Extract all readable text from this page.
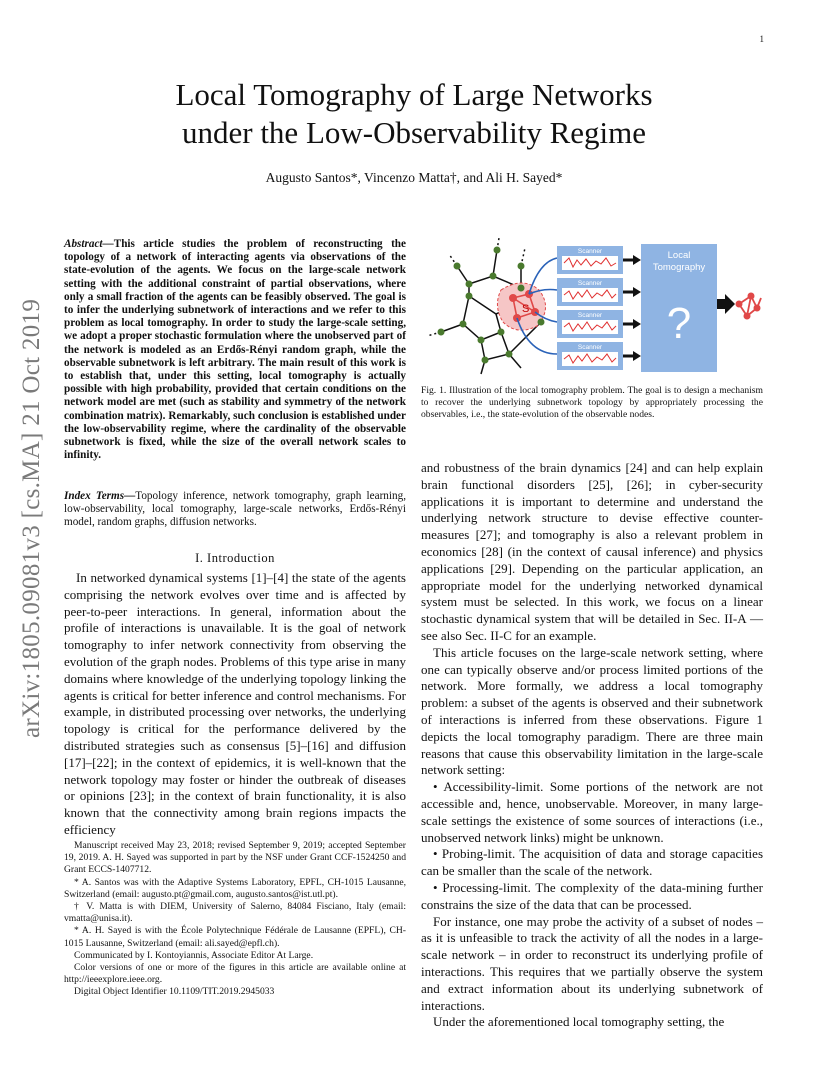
1
arXiv:1805.09081v3 [cs.MA] 21 Oct 2019
Local Tomography of Large Networks
under the Low-Observability Regime
Augusto Santos*, Vincenzo Matta†, and Ali H. Sayed*
Abstract—This article studies the problem of reconstructing the topology of a network of interacting agents via observations of the state-evolution of the agents. We focus on the large-scale network setting with the additional constraint of partial observations, where only a small fraction of the agents can be feasibly observed. The goal is to infer the underlying subnetwork of interactions and we refer to this problem as local tomography. In order to study the large-scale setting, we adopt a proper stochastic formulation where the unobserved part of the network is modeled as an Erdős-Rényi random graph, while the observable subnetwork is left arbitrary. The main result of this work is to establish that, under this setting, local tomography is actually possible with high probability, provided that certain conditions on the network model are met (such as stability and symmetry of the network combination matrix). Remarkably, such conclusion is established under the low-observability regime, where the cardinality of the observable subnetwork is fixed, while the size of the overall network scales to infinity.
Index Terms—Topology inference, network tomography, graph learning, low-observability, local tomography, large-scale networks, Erdős-Rényi model, random graphs, diffusion networks.
I. Introduction
In networked dynamical systems [1]–[4] the state of the agents comprising the network evolves over time and is affected by peer-to-peer interactions. In general, information about the profile of interactions is unavailable. It is the goal of network tomography to infer network connectivity from observing the evolution of the graph nodes. Problems of this type arise in many domains where knowledge of the underlying topology linking the agents is critical for better inference and control mechanisms. For example, in distributed processing over networks, the underlying topology is critical for the performance delivered by the distributed strategies such as consensus [5]–[16] and diffusion [17]–[22]; in the context of epidemics, it is well-known that the network topology may foster or hinder the outbreak of diseases or opinions [23]; in the context of brain functionality, it is also known that the connectivity among brain regions impacts the efficiency

Manuscript received May 23, 2018; revised September 9, 2019; accepted September 19, 2019. A. H. Sayed was supported in part by the NSF under Grant CCF-1524250 and Grant ECCS-1407712.

* A. Santos was with the Adaptive Systems Laboratory, EPFL, CH-1015 Lausanne, Switzerland (email: augusto.pt@gmail.com, augusto.santos@ist.utl.pt).

† V. Matta is with DIEM, University of Salerno, 84084 Fisciano, Italy (email: vmatta@unisa.it).

* A. H. Sayed is with the École Polytechnique Fédérale de Lausanne (EPFL), CH-1015 Lausanne, Switzerland (email: ali.sayed@epfl.ch).

Communicated by I. Kontoyiannis, Associate Editor At Large.

Color versions of one or more of the figures in this article are available online at http://ieeexplore.ieee.org.

Digital Object Identifier 10.1109/TIT.2019.2945033

S
Scanner
Scanner
Scanner
Scanner
Local
Tomography
?
Fig. 1. Illustration of the local tomography problem. The goal is to design a mechanism to recover the underlying subnetwork topology by appropriately processing the observables, i.e., the state-evolution of the observable nodes.

and robustness of the brain dynamics [24] and can help explain brain functional disorders [25], [26]; in cyber-security applications it is important to determine and understand the underlying network structure to devise effective counter-measures [27]; and tomography is also a relevant problem in economics [28] (in the context of causal inference) and physics applications [29]. Depending on the particular application, an appropriate model for the underlying networked dynamical system must be selected. In this work, we focus on a linear stochastic dynamical system that will be detailed in Sec. II-A — see also Sec. II-C for an example.

This article focuses on the large-scale network setting, where one can typically observe and/or process limited portions of the network. More formally, we address a local tomography problem: a subset of the agents is observed and their subnetwork of interactions is inferred from these observations. Figure 1 depicts the local tomography paradigm. There are three main reasons that cause this observability limitation in the large-scale network setting:

• Accessibility-limit. Some portions of the network are not accessible and, hence, unobservable. Moreover, in many large-scale settings the existence of some sources of interactions (i.e., unobserved network links) might be unknown.

• Probing-limit. The acquisition of data and storage capacities can be smaller than the scale of the network.

• Processing-limit. The complexity of the data-mining further constrains the size of the data that can be processed.

For instance, one may probe the activity of a subset of nodes – as it is unfeasible to track the activity of all the nodes in a large-scale network – in order to reconstruct its underlying profile of interactions. This requires that we partially observe the system and extract information about its underlying subnetwork of interactions.

Under the aforementioned local tomography setting, the
